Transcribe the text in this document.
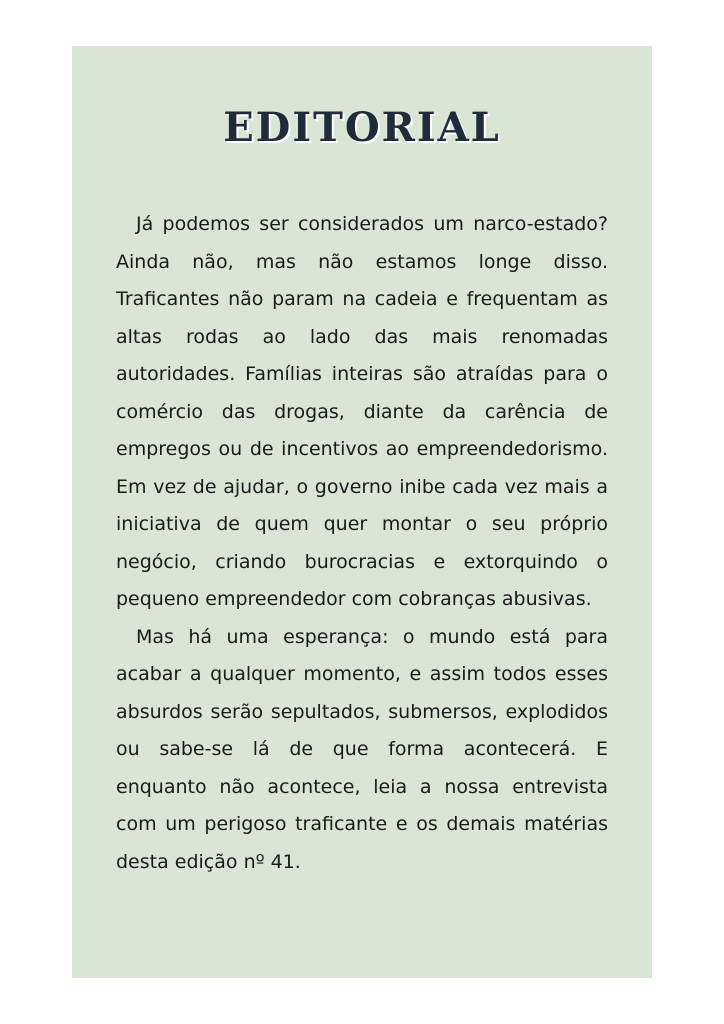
EDITORIAL

Já podemos ser considerados um narco-estado? Ainda não, mas não estamos longe disso. Traficantes não param na cadeia e frequentam as altas rodas ao lado das mais renomadas autoridades. Famílias inteiras são atraídas para o comércio das drogas, diante da carência de empregos ou de incentivos ao empreendedorismo. Em vez de ajudar, o governo inibe cada vez mais a iniciativa de quem quer montar o seu próprio negócio, criando burocracias e extorquindo o pequeno empreendedor com cobranças abusivas.

Mas há uma esperança: o mundo está para acabar a qualquer momento, e assim todos esses absurdos serão sepultados, submersos, explodidos ou sabe-se lá de que forma acontecerá. E enquanto não acontece, leia a nossa entrevista com um perigoso traficante e os demais matérias desta edição nº 41.
